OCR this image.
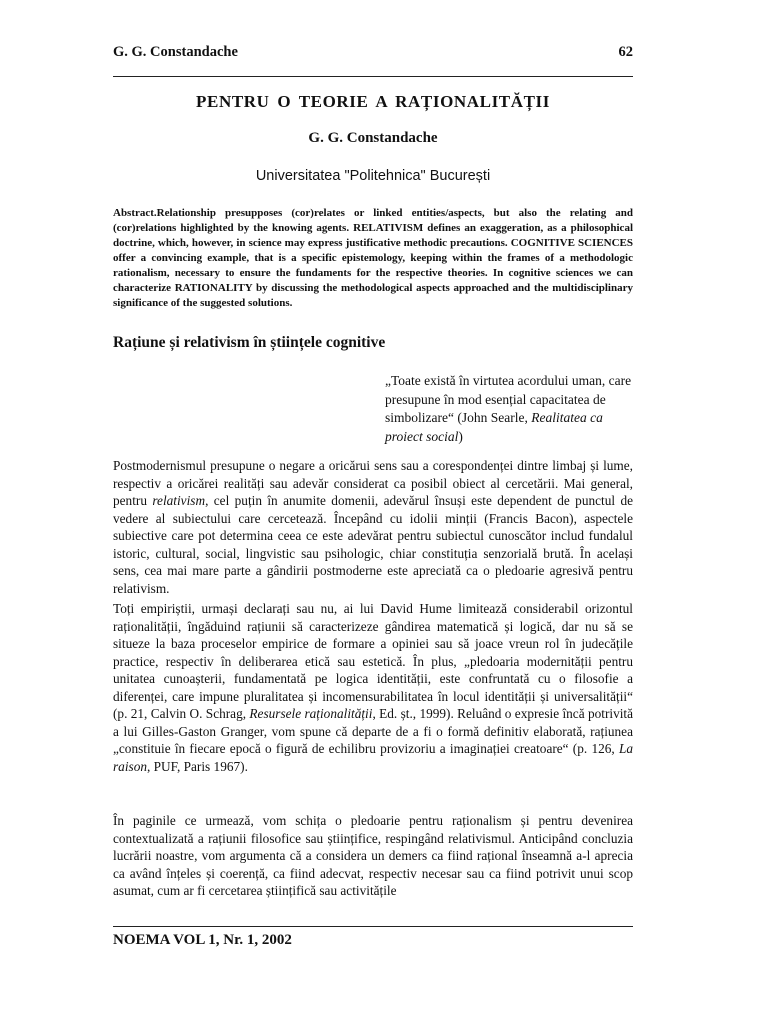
G. G. Constandache	62
PENTRU O TEORIE A RAȚIONALITĂȚII
G. G. Constandache
Universitatea "Politehnica" București
Abstract.Relationship presupposes (cor)relates or linked entities/aspects, but also the relating and (cor)relations highlighted by the knowing agents. RELATIVISM defines an exaggeration, as a philosophical doctrine, which, however, in science may express justificative methodic precautions. COGNITIVE SCIENCES offer a convincing example, that is a specific epistemology, keeping within the frames of a methodologic rationalism, necessary to ensure the fundaments for the respective theories. In cognitive sciences we can characterize RATIONALITY by discussing the methodological aspects approached and the multidisciplinary significance of the suggested solutions.
Rațiune și relativism în științele cognitive
„Toate există în virtutea acordului uman, care presupune în mod esențial capacitatea de simbolizare“ (John Searle, Realitatea ca proiect social)

Postmodernismul presupune o negare a oricărui sens sau a corespondenței dintre limbaj și lume, respectiv a oricărei realități sau adevăr considerat ca posibil obiect al cercetării. Mai general, pentru relativism, cel puțin în anumite domenii, adevărul însuși este dependent de punctul de vedere al subiectului care cercetează. Începând cu idolii minții (Francis Bacon), aspectele subiective care pot determina ceea ce este adevărat pentru subiectul cunoscător includ fundalul istoric, cultural, social, lingvistic sau psihologic, chiar constituția senzorială brută. În același sens, cea mai mare parte a gândirii postmoderne este apreciată ca o pledoarie agresivă pentru relativism.

Toți empiriștii, urmași declarați sau nu, ai lui David Hume limitează considerabil orizontul raționalității, îngăduind rațiunii să caracterizeze gândirea matematică și logică, dar nu să se situeze la baza proceselor empirice de formare a opiniei sau să joace vreun rol în judecățile practice, respectiv în deliberarea etică sau estetică. În plus, „pledoaria modernității pentru unitatea cunoașterii, fundamentată pe logica identității, este confruntată cu o filosofie a diferenței, care impune pluralitatea și incomensurabilitatea în locul identității și universalității“ (p. 21, Calvin O. Schrag, Resursele raționalității, Ed. șt., 1999). Reluând o expresie încă potrivită a lui Gilles-Gaston Granger, vom spune că departe de a fi o formă definitiv elaborată, rațiunea „constituie în fiecare epocă o figură de echilibru provizoriu a imaginației creatoare“ (p. 126, La raison, PUF, Paris 1967).

În paginile ce urmează, vom schița o pledoarie pentru raționalism și pentru devenirea contextualizată a rațiunii filosofice sau științifice, respingând relativismul. Anticipând concluzia lucrării noastre, vom argumenta că a considera un demers ca fiind rațional înseamnă a-l aprecia ca având înțeles și coerență, ca fiind adecvat, respectiv necesar sau ca fiind potrivit unui scop asumat, cum ar fi cercetarea științifică sau activitățile

NOEMA VOL 1, Nr. 1, 2002
